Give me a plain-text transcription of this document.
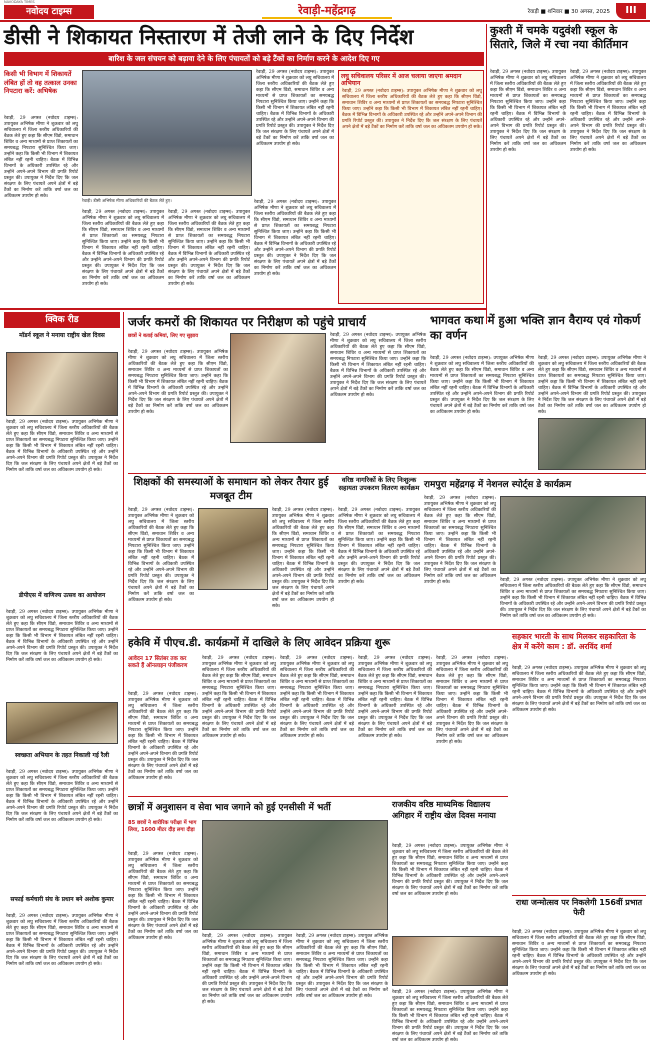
नवोदय टाइम्स
NAVODAYA TIMES
रेवाड़ी-महेंद्रगढ़	रेवाड़ी ■ शनिवार ■ 30 अगस्त, 2025	III
डीसी ने शिकायत निस्तारण में तेजी लाने के दिए निर्देश
बारिश के जल संचयन को बढ़ावा देने के लिए पंचायतों को बड़े टैंकों का निर्माण करने के आदेश दिए गए
किसी भी विभाग में शिकायतें लंबित हों तो वह तत्काल उनका निपटारा करें: अभिषेक
रेवाड़ी, 29 अगस्त (नवोदय टाइम्स): उपायुक्त अभिषेक मीणा ने शुक्रवार को लघु सचिवालय में जिला स्तरीय अधिकारियों की बैठक लेते हुए कहा कि सीएम विंडो, समाधान शिविर व अन्य माध्यमों से प्राप्त शिकायतों का समयबद्ध निपटारा सुनिश्चित किया जाए। उन्होंने कहा कि किसी भी विभाग में शिकायत लंबित नहीं रहनी चाहिए। बैठक में विभिन्न विभागों के अधिकारी उपस्थित रहे और उन्होंने अपने-अपने विभाग की प्रगति रिपोर्ट प्रस्तुत की। उपायुक्त ने निर्देश दिए कि जल संरक्षण के लिए पंचायतें अपने क्षेत्रों में बड़े टैंकों का निर्माण करें ताकि वर्षा जल का अधिकतम उपयोग हो सके।
रेवाड़ी। डीसी अभिषेक मीणा अधिकारियों की बैठक लेते हुए।
रेवाड़ी, 29 अगस्त (नवोदय टाइम्स): उपायुक्त अभिषेक मीणा ने शुक्रवार को लघु सचिवालय में जिला स्तरीय अधिकारियों की बैठक लेते हुए कहा कि सीएम विंडो, समाधान शिविर व अन्य माध्यमों से प्राप्त शिकायतों का समयबद्ध निपटारा सुनिश्चित किया जाए। उन्होंने कहा कि किसी भी विभाग में शिकायत लंबित नहीं रहनी चाहिए। बैठक में विभिन्न विभागों के अधिकारी उपस्थित रहे और उन्होंने अपने-अपने विभाग की प्रगति रिपोर्ट प्रस्तुत की। उपायुक्त ने निर्देश दिए कि जल संरक्षण के लिए पंचायतें अपने क्षेत्रों में बड़े टैंकों का निर्माण करें ताकि वर्षा जल का अधिकतम उपयोग हो सके।
रेवाड़ी, 29 अगस्त (नवोदय टाइम्स): उपायुक्त अभिषेक मीणा ने शुक्रवार को लघु सचिवालय में जिला स्तरीय अधिकारियों की बैठक लेते हुए कहा कि सीएम विंडो, समाधान शिविर व अन्य माध्यमों से प्राप्त शिकायतों का समयबद्ध निपटारा सुनिश्चित किया जाए। उन्होंने कहा कि किसी भी विभाग में शिकायत लंबित नहीं रहनी चाहिए। बैठक में विभिन्न विभागों के अधिकारी उपस्थित रहे और उन्होंने अपने-अपने विभाग की प्रगति रिपोर्ट प्रस्तुत की। उपायुक्त ने निर्देश दिए कि जल संरक्षण के लिए पंचायतें अपने क्षेत्रों में बड़े टैंकों का निर्माण करें ताकि वर्षा जल का अधिकतम उपयोग हो सके।
रेवाड़ी, 29 अगस्त (नवोदय टाइम्स): उपायुक्त अभिषेक मीणा ने शुक्रवार को लघु सचिवालय में जिला स्तरीय अधिकारियों की बैठक लेते हुए कहा कि सीएम विंडो, समाधान शिविर व अन्य माध्यमों से प्राप्त शिकायतों का समयबद्ध निपटारा सुनिश्चित किया जाए। उन्होंने कहा कि किसी भी विभाग में शिकायत लंबित नहीं रहनी चाहिए। बैठक में विभिन्न विभागों के अधिकारी उपस्थित रहे और उन्होंने अपने-अपने विभाग की प्रगति रिपोर्ट प्रस्तुत की। उपायुक्त ने निर्देश दिए कि जल संरक्षण के लिए पंचायतें अपने क्षेत्रों में बड़े टैंकों का निर्माण करें ताकि वर्षा जल का अधिकतम उपयोग हो सके।
रेवाड़ी, 29 अगस्त (नवोदय टाइम्स): उपायुक्त अभिषेक मीणा ने शुक्रवार को लघु सचिवालय में जिला स्तरीय अधिकारियों की बैठक लेते हुए कहा कि सीएम विंडो, समाधान शिविर व अन्य माध्यमों से प्राप्त शिकायतों का समयबद्ध निपटारा सुनिश्चित किया जाए। उन्होंने कहा कि किसी भी विभाग में शिकायत लंबित नहीं रहनी चाहिए। बैठक में विभिन्न विभागों के अधिकारी उपस्थित रहे और उन्होंने अपने-अपने विभाग की प्रगति रिपोर्ट प्रस्तुत की। उपायुक्त ने निर्देश दिए कि जल संरक्षण के लिए पंचायतें अपने क्षेत्रों में बड़े टैंकों का निर्माण करें ताकि वर्षा जल का अधिकतम उपयोग हो सके।
लघु सचिवालय परिसर में आज चलाया जाएगा श्रमदान अभियान
रेवाड़ी, 29 अगस्त (नवोदय टाइम्स): उपायुक्त अभिषेक मीणा ने शुक्रवार को लघु सचिवालय में जिला स्तरीय अधिकारियों की बैठक लेते हुए कहा कि सीएम विंडो, समाधान शिविर व अन्य माध्यमों से प्राप्त शिकायतों का समयबद्ध निपटारा सुनिश्चित किया जाए। उन्होंने कहा कि किसी भी विभाग में शिकायत लंबित नहीं रहनी चाहिए। बैठक में विभिन्न विभागों के अधिकारी उपस्थित रहे और उन्होंने अपने-अपने विभाग की प्रगति रिपोर्ट प्रस्तुत की। उपायुक्त ने निर्देश दिए कि जल संरक्षण के लिए पंचायतें अपने क्षेत्रों में बड़े टैंकों का निर्माण करें ताकि वर्षा जल का अधिकतम उपयोग हो सके।
कुश्ती में चमके यदुवंशी स्कूल के सितारे, जिले में रचा नया कीर्तिमान
रेवाड़ी, 29 अगस्त (नवोदय टाइम्स): उपायुक्त अभिषेक मीणा ने शुक्रवार को लघु सचिवालय में जिला स्तरीय अधिकारियों की बैठक लेते हुए कहा कि सीएम विंडो, समाधान शिविर व अन्य माध्यमों से प्राप्त शिकायतों का समयबद्ध निपटारा सुनिश्चित किया जाए। उन्होंने कहा कि किसी भी विभाग में शिकायत लंबित नहीं रहनी चाहिए। बैठक में विभिन्न विभागों के अधिकारी उपस्थित रहे और उन्होंने अपने-अपने विभाग की प्रगति रिपोर्ट प्रस्तुत की। उपायुक्त ने निर्देश दिए कि जल संरक्षण के लिए पंचायतें अपने क्षेत्रों में बड़े टैंकों का निर्माण करें ताकि वर्षा जल का अधिकतम उपयोग हो सके।
रेवाड़ी, 29 अगस्त (नवोदय टाइम्स): उपायुक्त अभिषेक मीणा ने शुक्रवार को लघु सचिवालय में जिला स्तरीय अधिकारियों की बैठक लेते हुए कहा कि सीएम विंडो, समाधान शिविर व अन्य माध्यमों से प्राप्त शिकायतों का समयबद्ध निपटारा सुनिश्चित किया जाए। उन्होंने कहा कि किसी भी विभाग में शिकायत लंबित नहीं रहनी चाहिए। बैठक में विभिन्न विभागों के अधिकारी उपस्थित रहे और उन्होंने अपने-अपने विभाग की प्रगति रिपोर्ट प्रस्तुत की। उपायुक्त ने निर्देश दिए कि जल संरक्षण के लिए पंचायतें अपने क्षेत्रों में बड़े टैंकों का निर्माण करें ताकि वर्षा जल का अधिकतम उपयोग हो सके।
क्विक रीड
मॉडर्न स्कूल ने मनाया राष्ट्रीय खेल दिवस
रेवाड़ी, 29 अगस्त (नवोदय टाइम्स): उपायुक्त अभिषेक मीणा ने शुक्रवार को लघु सचिवालय में जिला स्तरीय अधिकारियों की बैठक लेते हुए कहा कि सीएम विंडो, समाधान शिविर व अन्य माध्यमों से प्राप्त शिकायतों का समयबद्ध निपटारा सुनिश्चित किया जाए। उन्होंने कहा कि किसी भी विभाग में शिकायत लंबित नहीं रहनी चाहिए। बैठक में विभिन्न विभागों के अधिकारी उपस्थित रहे और उन्होंने अपने-अपने विभाग की प्रगति रिपोर्ट प्रस्तुत की। उपायुक्त ने निर्देश दिए कि जल संरक्षण के लिए पंचायतें अपने क्षेत्रों में बड़े टैंकों का निर्माण करें ताकि वर्षा जल का अधिकतम उपयोग हो सके।
डीपीएस में वाणिज्य उत्सव का आयोजन
रेवाड़ी, 29 अगस्त (नवोदय टाइम्स): उपायुक्त अभिषेक मीणा ने शुक्रवार को लघु सचिवालय में जिला स्तरीय अधिकारियों की बैठक लेते हुए कहा कि सीएम विंडो, समाधान शिविर व अन्य माध्यमों से प्राप्त शिकायतों का समयबद्ध निपटारा सुनिश्चित किया जाए। उन्होंने कहा कि किसी भी विभाग में शिकायत लंबित नहीं रहनी चाहिए। बैठक में विभिन्न विभागों के अधिकारी उपस्थित रहे और उन्होंने अपने-अपने विभाग की प्रगति रिपोर्ट प्रस्तुत की। उपायुक्त ने निर्देश दिए कि जल संरक्षण के लिए पंचायतें अपने क्षेत्रों में बड़े टैंकों का निर्माण करें ताकि वर्षा जल का अधिकतम उपयोग हो सके।
स्वच्छता अभियान के तहत निकाली गई रैली
रेवाड़ी, 29 अगस्त (नवोदय टाइम्स): उपायुक्त अभिषेक मीणा ने शुक्रवार को लघु सचिवालय में जिला स्तरीय अधिकारियों की बैठक लेते हुए कहा कि सीएम विंडो, समाधान शिविर व अन्य माध्यमों से प्राप्त शिकायतों का समयबद्ध निपटारा सुनिश्चित किया जाए। उन्होंने कहा कि किसी भी विभाग में शिकायत लंबित नहीं रहनी चाहिए। बैठक में विभिन्न विभागों के अधिकारी उपस्थित रहे और उन्होंने अपने-अपने विभाग की प्रगति रिपोर्ट प्रस्तुत की। उपायुक्त ने निर्देश दिए कि जल संरक्षण के लिए पंचायतें अपने क्षेत्रों में बड़े टैंकों का निर्माण करें ताकि वर्षा जल का अधिकतम उपयोग हो सके।
सफाई कर्मचारी संघ के प्रधान बने अशोक कुमार
रेवाड़ी, 29 अगस्त (नवोदय टाइम्स): उपायुक्त अभिषेक मीणा ने शुक्रवार को लघु सचिवालय में जिला स्तरीय अधिकारियों की बैठक लेते हुए कहा कि सीएम विंडो, समाधान शिविर व अन्य माध्यमों से प्राप्त शिकायतों का समयबद्ध निपटारा सुनिश्चित किया जाए। उन्होंने कहा कि किसी भी विभाग में शिकायत लंबित नहीं रहनी चाहिए। बैठक में विभिन्न विभागों के अधिकारी उपस्थित रहे और उन्होंने अपने-अपने विभाग की प्रगति रिपोर्ट प्रस्तुत की। उपायुक्त ने निर्देश दिए कि जल संरक्षण के लिए पंचायतें अपने क्षेत्रों में बड़े टैंकों का निर्माण करें ताकि वर्षा जल का अधिकतम उपयोग हो सके।
जर्जर कमरों की शिकायत पर निरीक्षण को पहुंचे प्राचार्य
छात्रों ने बताई कमियां, लिए गए सुझाव
रेवाड़ी, 29 अगस्त (नवोदय टाइम्स): उपायुक्त अभिषेक मीणा ने शुक्रवार को लघु सचिवालय में जिला स्तरीय अधिकारियों की बैठक लेते हुए कहा कि सीएम विंडो, समाधान शिविर व अन्य माध्यमों से प्राप्त शिकायतों का समयबद्ध निपटारा सुनिश्चित किया जाए। उन्होंने कहा कि किसी भी विभाग में शिकायत लंबित नहीं रहनी चाहिए। बैठक में विभिन्न विभागों के अधिकारी उपस्थित रहे और उन्होंने अपने-अपने विभाग की प्रगति रिपोर्ट प्रस्तुत की। उपायुक्त ने निर्देश दिए कि जल संरक्षण के लिए पंचायतें अपने क्षेत्रों में बड़े टैंकों का निर्माण करें ताकि वर्षा जल का अधिकतम उपयोग हो सके।
रेवाड़ी, 29 अगस्त (नवोदय टाइम्स): उपायुक्त अभिषेक मीणा ने शुक्रवार को लघु सचिवालय में जिला स्तरीय अधिकारियों की बैठक लेते हुए कहा कि सीएम विंडो, समाधान शिविर व अन्य माध्यमों से प्राप्त शिकायतों का समयबद्ध निपटारा सुनिश्चित किया जाए। उन्होंने कहा कि किसी भी विभाग में शिकायत लंबित नहीं रहनी चाहिए। बैठक में विभिन्न विभागों के अधिकारी उपस्थित रहे और उन्होंने अपने-अपने विभाग की प्रगति रिपोर्ट प्रस्तुत की। उपायुक्त ने निर्देश दिए कि जल संरक्षण के लिए पंचायतें अपने क्षेत्रों में बड़े टैंकों का निर्माण करें ताकि वर्षा जल का अधिकतम उपयोग हो सके।
भागवत कथा में हुआ भक्ति ज्ञान वैराग्य एवं गोकर्ण का वर्णन
रेवाड़ी, 29 अगस्त (नवोदय टाइम्स): उपायुक्त अभिषेक मीणा ने शुक्रवार को लघु सचिवालय में जिला स्तरीय अधिकारियों की बैठक लेते हुए कहा कि सीएम विंडो, समाधान शिविर व अन्य माध्यमों से प्राप्त शिकायतों का समयबद्ध निपटारा सुनिश्चित किया जाए। उन्होंने कहा कि किसी भी विभाग में शिकायत लंबित नहीं रहनी चाहिए। बैठक में विभिन्न विभागों के अधिकारी उपस्थित रहे और उन्होंने अपने-अपने विभाग की प्रगति रिपोर्ट प्रस्तुत की। उपायुक्त ने निर्देश दिए कि जल संरक्षण के लिए पंचायतें अपने क्षेत्रों में बड़े टैंकों का निर्माण करें ताकि वर्षा जल का अधिकतम उपयोग हो सके।
रेवाड़ी, 29 अगस्त (नवोदय टाइम्स): उपायुक्त अभिषेक मीणा ने शुक्रवार को लघु सचिवालय में जिला स्तरीय अधिकारियों की बैठक लेते हुए कहा कि सीएम विंडो, समाधान शिविर व अन्य माध्यमों से प्राप्त शिकायतों का समयबद्ध निपटारा सुनिश्चित किया जाए। उन्होंने कहा कि किसी भी विभाग में शिकायत लंबित नहीं रहनी चाहिए। बैठक में विभिन्न विभागों के अधिकारी उपस्थित रहे और उन्होंने अपने-अपने विभाग की प्रगति रिपोर्ट प्रस्तुत की। उपायुक्त ने निर्देश दिए कि जल संरक्षण के लिए पंचायतें अपने क्षेत्रों में बड़े टैंकों का निर्माण करें ताकि वर्षा जल का अधिकतम उपयोग हो सके।
शिक्षकों की समस्याओं के समाधान को लेकर तैयार हुई मजबूत टीम
रेवाड़ी, 29 अगस्त (नवोदय टाइम्स): उपायुक्त अभिषेक मीणा ने शुक्रवार को लघु सचिवालय में जिला स्तरीय अधिकारियों की बैठक लेते हुए कहा कि सीएम विंडो, समाधान शिविर व अन्य माध्यमों से प्राप्त शिकायतों का समयबद्ध निपटारा सुनिश्चित किया जाए। उन्होंने कहा कि किसी भी विभाग में शिकायत लंबित नहीं रहनी चाहिए। बैठक में विभिन्न विभागों के अधिकारी उपस्थित रहे और उन्होंने अपने-अपने विभाग की प्रगति रिपोर्ट प्रस्तुत की। उपायुक्त ने निर्देश दिए कि जल संरक्षण के लिए पंचायतें अपने क्षेत्रों में बड़े टैंकों का निर्माण करें ताकि वर्षा जल का अधिकतम उपयोग हो सके।
रेवाड़ी, 29 अगस्त (नवोदय टाइम्स): उपायुक्त अभिषेक मीणा ने शुक्रवार को लघु सचिवालय में जिला स्तरीय अधिकारियों की बैठक लेते हुए कहा कि सीएम विंडो, समाधान शिविर व अन्य माध्यमों से प्राप्त शिकायतों का समयबद्ध निपटारा सुनिश्चित किया जाए। उन्होंने कहा कि किसी भी विभाग में शिकायत लंबित नहीं रहनी चाहिए। बैठक में विभिन्न विभागों के अधिकारी उपस्थित रहे और उन्होंने अपने-अपने विभाग की प्रगति रिपोर्ट प्रस्तुत की। उपायुक्त ने निर्देश दिए कि जल संरक्षण के लिए पंचायतें अपने क्षेत्रों में बड़े टैंकों का निर्माण करें ताकि वर्षा जल का अधिकतम उपयोग हो सके।
वरिष्ठ नागरिकों के लिए निःशुल्क सहायता उपकरण वितरण कार्यक्रम
रेवाड़ी, 29 अगस्त (नवोदय टाइम्स): उपायुक्त अभिषेक मीणा ने शुक्रवार को लघु सचिवालय में जिला स्तरीय अधिकारियों की बैठक लेते हुए कहा कि सीएम विंडो, समाधान शिविर व अन्य माध्यमों से प्राप्त शिकायतों का समयबद्ध निपटारा सुनिश्चित किया जाए। उन्होंने कहा कि किसी भी विभाग में शिकायत लंबित नहीं रहनी चाहिए। बैठक में विभिन्न विभागों के अधिकारी उपस्थित रहे और उन्होंने अपने-अपने विभाग की प्रगति रिपोर्ट प्रस्तुत की। उपायुक्त ने निर्देश दिए कि जल संरक्षण के लिए पंचायतें अपने क्षेत्रों में बड़े टैंकों का निर्माण करें ताकि वर्षा जल का अधिकतम उपयोग हो सके।
रामपुरा महेंद्रगढ़ में नेशनल स्पोर्ट्स डे कार्यक्रम
रेवाड़ी, 29 अगस्त (नवोदय टाइम्स): उपायुक्त अभिषेक मीणा ने शुक्रवार को लघु सचिवालय में जिला स्तरीय अधिकारियों की बैठक लेते हुए कहा कि सीएम विंडो, समाधान शिविर व अन्य माध्यमों से प्राप्त शिकायतों का समयबद्ध निपटारा सुनिश्चित किया जाए। उन्होंने कहा कि किसी भी विभाग में शिकायत लंबित नहीं रहनी चाहिए। बैठक में विभिन्न विभागों के अधिकारी उपस्थित रहे और उन्होंने अपने-अपने विभाग की प्रगति रिपोर्ट प्रस्तुत की। उपायुक्त ने निर्देश दिए कि जल संरक्षण के लिए पंचायतें अपने क्षेत्रों में बड़े टैंकों का निर्माण करें ताकि वर्षा जल का अधिकतम उपयोग हो सके।	रेवाड़ी, 29 अगस्त (नवोदय टाइम्स): उपायुक्त अभिषेक मीणा ने शुक्रवार को लघु सचिवालय में जिला स्तरीय अधिकारियों की बैठक लेते हुए कहा कि सीएम विंडो, समाधान शिविर व अन्य माध्यमों से प्राप्त शिकायतों का समयबद्ध निपटारा सुनिश्चित किया जाए। उन्होंने कहा कि किसी भी विभाग में शिकायत लंबित नहीं रहनी चाहिए। बैठक में विभिन्न विभागों के अधिकारी उपस्थित रहे और उन्होंने अपने-अपने विभाग की प्रगति रिपोर्ट प्रस्तुत की। उपायुक्त ने निर्देश दिए कि जल संरक्षण के लिए पंचायतें अपने क्षेत्रों में बड़े टैंकों का निर्माण करें ताकि वर्षा जल का अधिकतम उपयोग हो सके।
सहकार भारती के साथ मिलकर सहकारिता के क्षेत्र में करेंगे काम : डॉ. अरविंद शर्मा
रेवाड़ी, 29 अगस्त (नवोदय टाइम्स): उपायुक्त अभिषेक मीणा ने शुक्रवार को लघु सचिवालय में जिला स्तरीय अधिकारियों की बैठक लेते हुए कहा कि सीएम विंडो, समाधान शिविर व अन्य माध्यमों से प्राप्त शिकायतों का समयबद्ध निपटारा सुनिश्चित किया जाए। उन्होंने कहा कि किसी भी विभाग में शिकायत लंबित नहीं रहनी चाहिए। बैठक में विभिन्न विभागों के अधिकारी उपस्थित रहे और उन्होंने अपने-अपने विभाग की प्रगति रिपोर्ट प्रस्तुत की। उपायुक्त ने निर्देश दिए कि जल संरक्षण के लिए पंचायतें अपने क्षेत्रों में बड़े टैंकों का निर्माण करें ताकि वर्षा जल का अधिकतम उपयोग हो सके।
हकेवि में पीएच.डी. कार्यक्रमों में दाखिले के लिए आवेदन प्रक्रिया शुरू
आवेदन 17 सितंबर तक कर सकते हैं ऑनलाइन पंजीकरण
रेवाड़ी, 29 अगस्त (नवोदय टाइम्स): उपायुक्त अभिषेक मीणा ने शुक्रवार को लघु सचिवालय में जिला स्तरीय अधिकारियों की बैठक लेते हुए कहा कि सीएम विंडो, समाधान शिविर व अन्य माध्यमों से प्राप्त शिकायतों का समयबद्ध निपटारा सुनिश्चित किया जाए। उन्होंने कहा कि किसी भी विभाग में शिकायत लंबित नहीं रहनी चाहिए। बैठक में विभिन्न विभागों के अधिकारी उपस्थित रहे और उन्होंने अपने-अपने विभाग की प्रगति रिपोर्ट प्रस्तुत की। उपायुक्त ने निर्देश दिए कि जल संरक्षण के लिए पंचायतें अपने क्षेत्रों में बड़े टैंकों का निर्माण करें ताकि वर्षा जल का अधिकतम उपयोग हो सके।
रेवाड़ी, 29 अगस्त (नवोदय टाइम्स): उपायुक्त अभिषेक मीणा ने शुक्रवार को लघु सचिवालय में जिला स्तरीय अधिकारियों की बैठक लेते हुए कहा कि सीएम विंडो, समाधान शिविर व अन्य माध्यमों से प्राप्त शिकायतों का समयबद्ध निपटारा सुनिश्चित किया जाए। उन्होंने कहा कि किसी भी विभाग में शिकायत लंबित नहीं रहनी चाहिए। बैठक में विभिन्न विभागों के अधिकारी उपस्थित रहे और उन्होंने अपने-अपने विभाग की प्रगति रिपोर्ट प्रस्तुत की। उपायुक्त ने निर्देश दिए कि जल संरक्षण के लिए पंचायतें अपने क्षेत्रों में बड़े टैंकों का निर्माण करें ताकि वर्षा जल का अधिकतम उपयोग हो सके।
रेवाड़ी, 29 अगस्त (नवोदय टाइम्स): उपायुक्त अभिषेक मीणा ने शुक्रवार को लघु सचिवालय में जिला स्तरीय अधिकारियों की बैठक लेते हुए कहा कि सीएम विंडो, समाधान शिविर व अन्य माध्यमों से प्राप्त शिकायतों का समयबद्ध निपटारा सुनिश्चित किया जाए। उन्होंने कहा कि किसी भी विभाग में शिकायत लंबित नहीं रहनी चाहिए। बैठक में विभिन्न विभागों के अधिकारी उपस्थित रहे और उन्होंने अपने-अपने विभाग की प्रगति रिपोर्ट प्रस्तुत की। उपायुक्त ने निर्देश दिए कि जल संरक्षण के लिए पंचायतें अपने क्षेत्रों में बड़े टैंकों का निर्माण करें ताकि वर्षा जल का अधिकतम उपयोग हो सके।
रेवाड़ी, 29 अगस्त (नवोदय टाइम्स): उपायुक्त अभिषेक मीणा ने शुक्रवार को लघु सचिवालय में जिला स्तरीय अधिकारियों की बैठक लेते हुए कहा कि सीएम विंडो, समाधान शिविर व अन्य माध्यमों से प्राप्त शिकायतों का समयबद्ध निपटारा सुनिश्चित किया जाए। उन्होंने कहा कि किसी भी विभाग में शिकायत लंबित नहीं रहनी चाहिए। बैठक में विभिन्न विभागों के अधिकारी उपस्थित रहे और उन्होंने अपने-अपने विभाग की प्रगति रिपोर्ट प्रस्तुत की। उपायुक्त ने निर्देश दिए कि जल संरक्षण के लिए पंचायतें अपने क्षेत्रों में बड़े टैंकों का निर्माण करें ताकि वर्षा जल का अधिकतम उपयोग हो सके।
रेवाड़ी, 29 अगस्त (नवोदय टाइम्स): उपायुक्त अभिषेक मीणा ने शुक्रवार को लघु सचिवालय में जिला स्तरीय अधिकारियों की बैठक लेते हुए कहा कि सीएम विंडो, समाधान शिविर व अन्य माध्यमों से प्राप्त शिकायतों का समयबद्ध निपटारा सुनिश्चित किया जाए। उन्होंने कहा कि किसी भी विभाग में शिकायत लंबित नहीं रहनी चाहिए। बैठक में विभिन्न विभागों के अधिकारी उपस्थित रहे और उन्होंने अपने-अपने विभाग की प्रगति रिपोर्ट प्रस्तुत की। उपायुक्त ने निर्देश दिए कि जल संरक्षण के लिए पंचायतें अपने क्षेत्रों में बड़े टैंकों का निर्माण करें ताकि वर्षा जल का अधिकतम उपयोग हो सके।
छात्रों में अनुशासन व सेवा भाव जगाने को हुई एनसीसी में भर्ती
85 छात्रों ने शारीरिक परीक्षा में भाग लिया, 1600 मीटर दौड़ लगा दौड़ा
रेवाड़ी, 29 अगस्त (नवोदय टाइम्स): उपायुक्त अभिषेक मीणा ने शुक्रवार को लघु सचिवालय में जिला स्तरीय अधिकारियों की बैठक लेते हुए कहा कि सीएम विंडो, समाधान शिविर व अन्य माध्यमों से प्राप्त शिकायतों का समयबद्ध निपटारा सुनिश्चित किया जाए। उन्होंने कहा कि किसी भी विभाग में शिकायत लंबित नहीं रहनी चाहिए। बैठक में विभिन्न विभागों के अधिकारी उपस्थित रहे और उन्होंने अपने-अपने विभाग की प्रगति रिपोर्ट प्रस्तुत की। उपायुक्त ने निर्देश दिए कि जल संरक्षण के लिए पंचायतें अपने क्षेत्रों में बड़े टैंकों का निर्माण करें ताकि वर्षा जल का अधिकतम उपयोग हो सके।	रेवाड़ी, 29 अगस्त (नवोदय टाइम्स): उपायुक्त अभिषेक मीणा ने शुक्रवार को लघु सचिवालय में जिला स्तरीय अधिकारियों की बैठक लेते हुए कहा कि सीएम विंडो, समाधान शिविर व अन्य माध्यमों से प्राप्त शिकायतों का समयबद्ध निपटारा सुनिश्चित किया जाए। उन्होंने कहा कि किसी भी विभाग में शिकायत लंबित नहीं रहनी चाहिए। बैठक में विभिन्न विभागों के अधिकारी उपस्थित रहे और उन्होंने अपने-अपने विभाग की प्रगति रिपोर्ट प्रस्तुत की। उपायुक्त ने निर्देश दिए कि जल संरक्षण के लिए पंचायतें अपने क्षेत्रों में बड़े टैंकों का निर्माण करें ताकि वर्षा जल का अधिकतम उपयोग हो सके।
रेवाड़ी, 29 अगस्त (नवोदय टाइम्स): उपायुक्त अभिषेक मीणा ने शुक्रवार को लघु सचिवालय में जिला स्तरीय अधिकारियों की बैठक लेते हुए कहा कि सीएम विंडो, समाधान शिविर व अन्य माध्यमों से प्राप्त शिकायतों का समयबद्ध निपटारा सुनिश्चित किया जाए। उन्होंने कहा कि किसी भी विभाग में शिकायत लंबित नहीं रहनी चाहिए। बैठक में विभिन्न विभागों के अधिकारी उपस्थित रहे और उन्होंने अपने-अपने विभाग की प्रगति रिपोर्ट प्रस्तुत की। उपायुक्त ने निर्देश दिए कि जल संरक्षण के लिए पंचायतें अपने क्षेत्रों में बड़े टैंकों का निर्माण करें ताकि वर्षा जल का अधिकतम उपयोग हो सके।
राजकीय वरिष्ठ माध्यमिक विद्यालय अगिहार में राष्ट्रीय खेल दिवस मनाया
रेवाड़ी, 29 अगस्त (नवोदय टाइम्स): उपायुक्त अभिषेक मीणा ने शुक्रवार को लघु सचिवालय में जिला स्तरीय अधिकारियों की बैठक लेते हुए कहा कि सीएम विंडो, समाधान शिविर व अन्य माध्यमों से प्राप्त शिकायतों का समयबद्ध निपटारा सुनिश्चित किया जाए। उन्होंने कहा कि किसी भी विभाग में शिकायत लंबित नहीं रहनी चाहिए। बैठक में विभिन्न विभागों के अधिकारी उपस्थित रहे और उन्होंने अपने-अपने विभाग की प्रगति रिपोर्ट प्रस्तुत की। उपायुक्त ने निर्देश दिए कि जल संरक्षण के लिए पंचायतें अपने क्षेत्रों में बड़े टैंकों का निर्माण करें ताकि वर्षा जल का अधिकतम उपयोग हो सके।
रेवाड़ी, 29 अगस्त (नवोदय टाइम्स): उपायुक्त अभिषेक मीणा ने शुक्रवार को लघु सचिवालय में जिला स्तरीय अधिकारियों की बैठक लेते हुए कहा कि सीएम विंडो, समाधान शिविर व अन्य माध्यमों से प्राप्त शिकायतों का समयबद्ध निपटारा सुनिश्चित किया जाए। उन्होंने कहा कि किसी भी विभाग में शिकायत लंबित नहीं रहनी चाहिए। बैठक में विभिन्न विभागों के अधिकारी उपस्थित रहे और उन्होंने अपने-अपने विभाग की प्रगति रिपोर्ट प्रस्तुत की। उपायुक्त ने निर्देश दिए कि जल संरक्षण के लिए पंचायतें अपने क्षेत्रों में बड़े टैंकों का निर्माण करें ताकि वर्षा जल का अधिकतम उपयोग हो सके।
राधा जन्मोत्सव पर निकलेगी 156वीं प्रभात फेरी
रेवाड़ी, 29 अगस्त (नवोदय टाइम्स): उपायुक्त अभिषेक मीणा ने शुक्रवार को लघु सचिवालय में जिला स्तरीय अधिकारियों की बैठक लेते हुए कहा कि सीएम विंडो, समाधान शिविर व अन्य माध्यमों से प्राप्त शिकायतों का समयबद्ध निपटारा सुनिश्चित किया जाए। उन्होंने कहा कि किसी भी विभाग में शिकायत लंबित नहीं रहनी चाहिए। बैठक में विभिन्न विभागों के अधिकारी उपस्थित रहे और उन्होंने अपने-अपने विभाग की प्रगति रिपोर्ट प्रस्तुत की। उपायुक्त ने निर्देश दिए कि जल संरक्षण के लिए पंचायतें अपने क्षेत्रों में बड़े टैंकों का निर्माण करें ताकि वर्षा जल का अधिकतम उपयोग हो सके।
